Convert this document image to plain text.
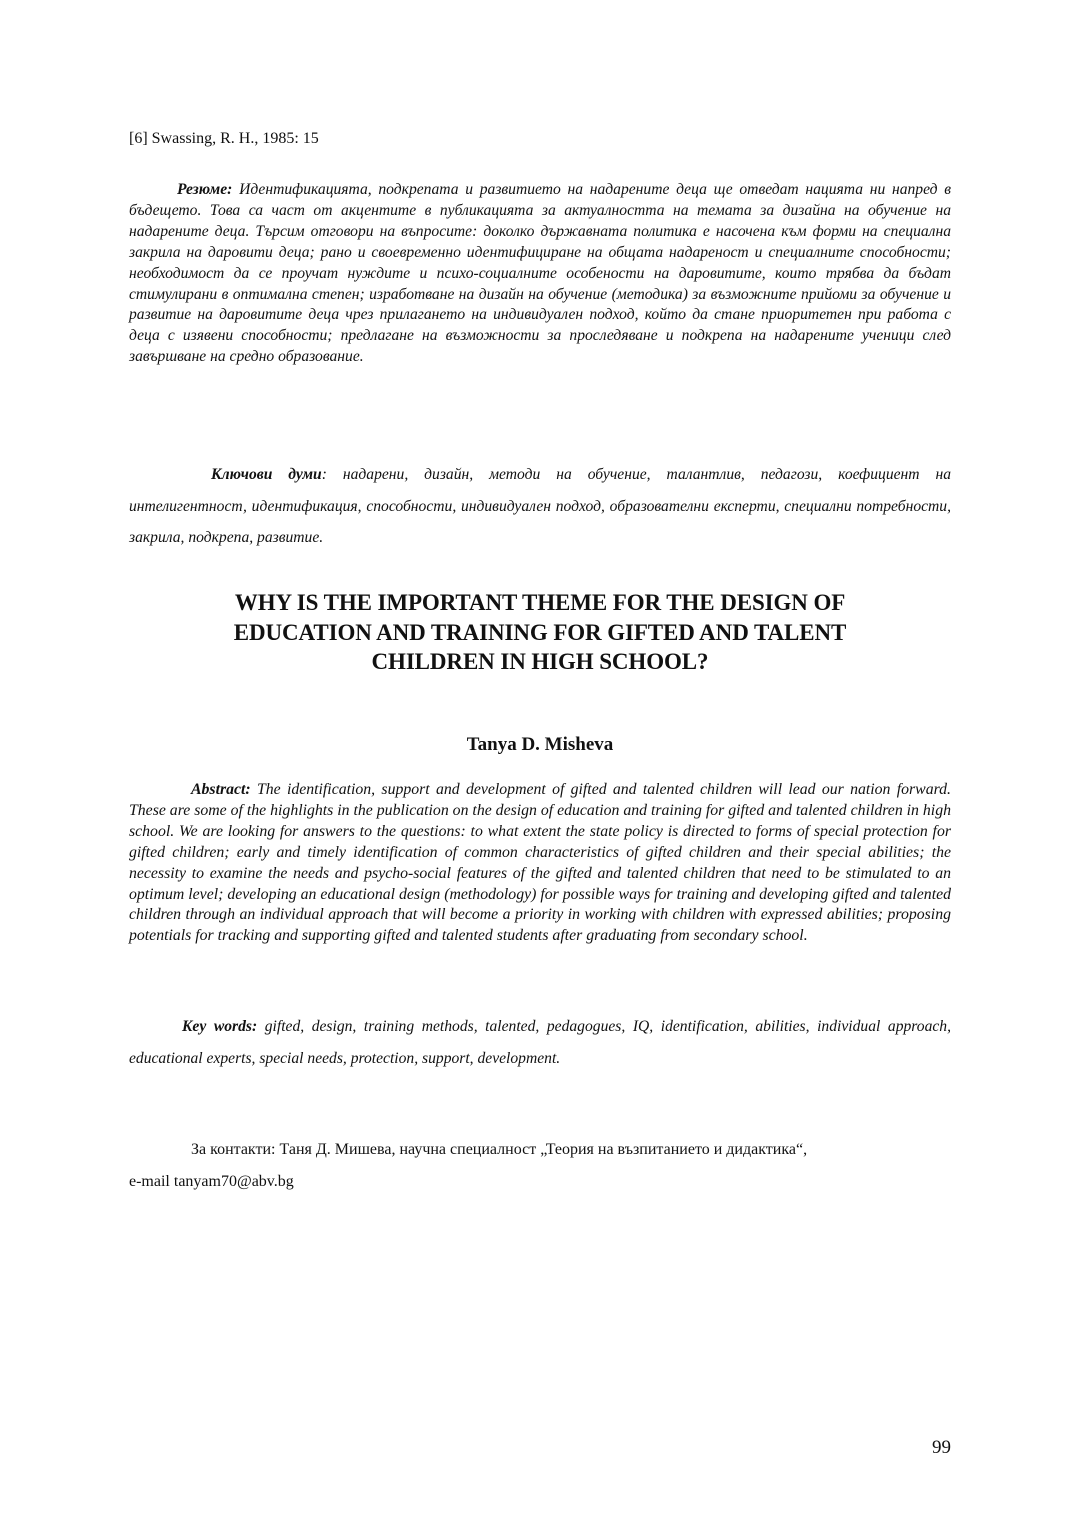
[6] Swassing, R. H., 1985: 15
Резюме: Идентификацията, подкрепата и развитието на надарените деца ще отведат нацията ни напред в бъдещето. Това са част от акцентите в публикацията за актуалността на темата за дизайна на обучение на надарените деца. Търсим отговори на въпросите: доколко държавната политика е насочена към форми на специална закрила на даровити деца; рано и своевременно идентифициране на общата надареност и специалните способности; необходимост да се проучат нуждите и психо-социалните особености на даровитите, които трябва да бъдат стимулирани в оптимална степен; изработване на дизайн на обучение (методика) за възможните прийоми за обучение и развитие на даровитите деца чрез прилагането на индивидуален подход, който да стане приоритетен при работа с деца с изявени способности; предлагане на възможности за проследяване и подкрепа на надарените ученици след завършване на средно образование.
Ключови думи: надарени, дизайн, методи на обучение, талантлив, педагози, коефициент на интелигентност, идентификация, способности, индивидуален подход, образователни експерти, специални потребности, закрила, подкрепа, развитие.
WHY IS THE IMPORTANT THEME FOR THE DESIGN OF
EDUCATION AND TRAINING FOR GIFTED AND TALENT
CHILDREN IN HIGH SCHOOL?
Tanya D. Misheva
Abstract: The identification, support and development of gifted and talented children will lead our nation forward. These are some of the highlights in the publication on the design of education and training for gifted and talented children in high school. We are looking for answers to the questions: to what extent the state policy is directed to forms of special protection for gifted children; early and timely identification of common characteristics of gifted children and their special abilities; the necessity to examine the needs and psycho-social features of the gifted and talented children that need to be stimulated to an optimum level; developing an educational design (methodology) for possible ways for training and developing gifted and talented children through an individual approach that will become a priority in working with children with expressed abilities; proposing potentials for tracking and supporting gifted and talented students after graduating from secondary school.
Key words: gifted, design, training methods, talented, pedagogues, IQ, identification, abilities, individual approach, educational experts, special needs, protection, support, development.
За контакти: Таня Д. Мишева, научна специалност „Теория на възпитанието и дидактика“,
e-mail tanyam70@abv.bg
99
